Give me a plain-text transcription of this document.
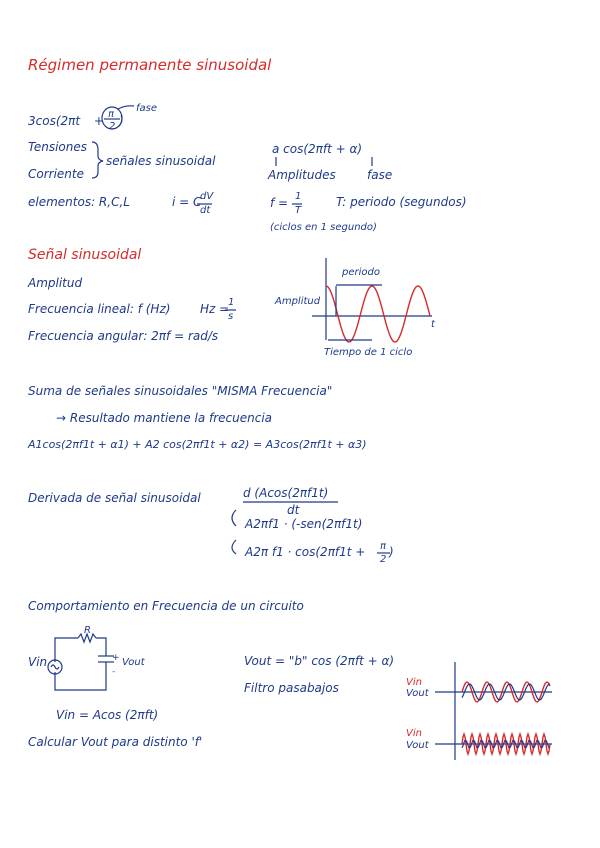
Régimen permanente sinusoidal
3cos(2πt + π
2 )
fase
Tensiones
Corriente
señales sinusoidal
a cos(2πft + α)
Amplitudes	fase
elementos: R,C,L	i = C
dV
dt
f = 1
T
T: periodo (segundos)
(ciclos en 1 segundo)
Señal sinusoidal
Amplitud
Frecuencia lineal: f (Hz) Hz =
1
s
Frecuencia angular: 2πf = rad/s
periodo
Amplitud
t
Tiempo de 1 ciclo
Suma de señales sinusoidales "MISMA Frecuencia"
→ Resultado mantiene la frecuencia
A1cos(2πf1t + α1) + A2 cos(2πf1t + α2) = A3cos(2πf1t + α3)
Derivada de señal sinusoidal	d (Acos(2πf1t)
dt
A2πf1 · (-sen(2πf1t)
A2π f1 · cos(2πf1t + π
2
)
Comportamiento en Frecuencia de un circuito
R
Vin	+
-
Vout	Vout = "b" cos (2πft + α)
Filtro pasabajos
Vin = Acos (2πft)
Calcular Vout para distinto 'f'
Vin
Vout
Vin
Vout
